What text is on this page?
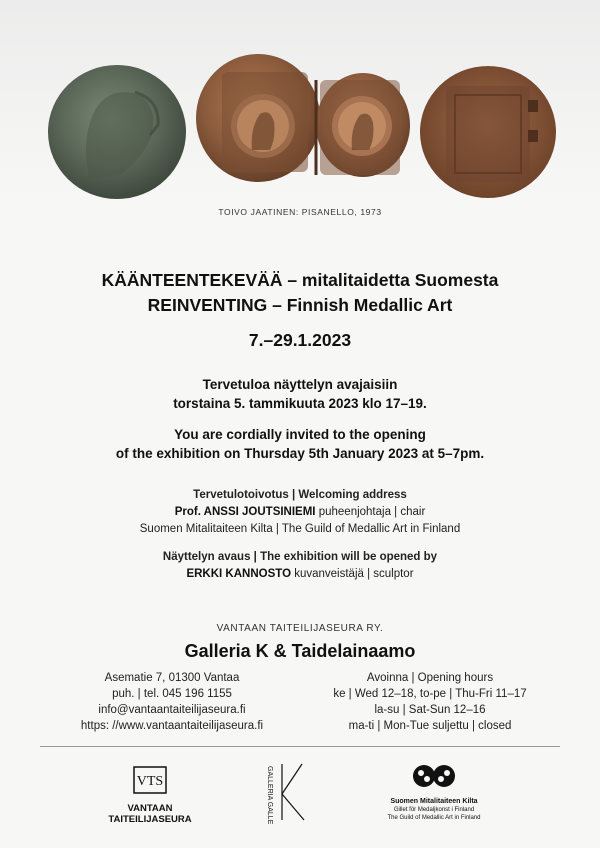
TOIVO JAATINEN: PISANELLO, 1973
KÄÄNTEENTEKEVÄÄ – mitalitaidetta Suomesta
REINVENTING – Finnish Medallic Art
7.–29.1.2023
Tervetuloa näyttelyn avajaisiin
torstaina 5. tammikuuta 2023 klo 17–19.
You are cordially invited to the opening
of the exhibition on Thursday 5th January 2023 at 5–7pm.
Tervetulotoivotus | Welcoming address
Prof. ANSSI JOUTSINIEMI puheenjohtaja | chair
Suomen Mitalitaiteen Kilta | The Guild of Medallic Art in Finland
Näyttelyn avaus | The exhibition will be opened by
ERKKI KANNOSTO kuvanveistäjä | sculptor
VANTAAN TAITEILIJASEURA RY.
Galleria K & Taidelainaamo
Asematie 7, 01300 Vantaa
puh. | tel. 045 196 1155
info@vantaantaiteilijaseura.fi
https: //www.vantaantaiteilijaseura.fi
Avoinna | Opening hours
ke | Wed 12–18, to-pe | Thu-Fri 11–17
la-su | Sat-Sun 12–16
ma-ti | Mon-Tue suljettu | closed
VTS
VANTAAN
TAITEILIJASEURA	GALLERIA GALLERI	Suomen Mitalitaiteen Kilta
Gillet för Medaljkonst i Finland
The Guild of Medallic Art in Finland
